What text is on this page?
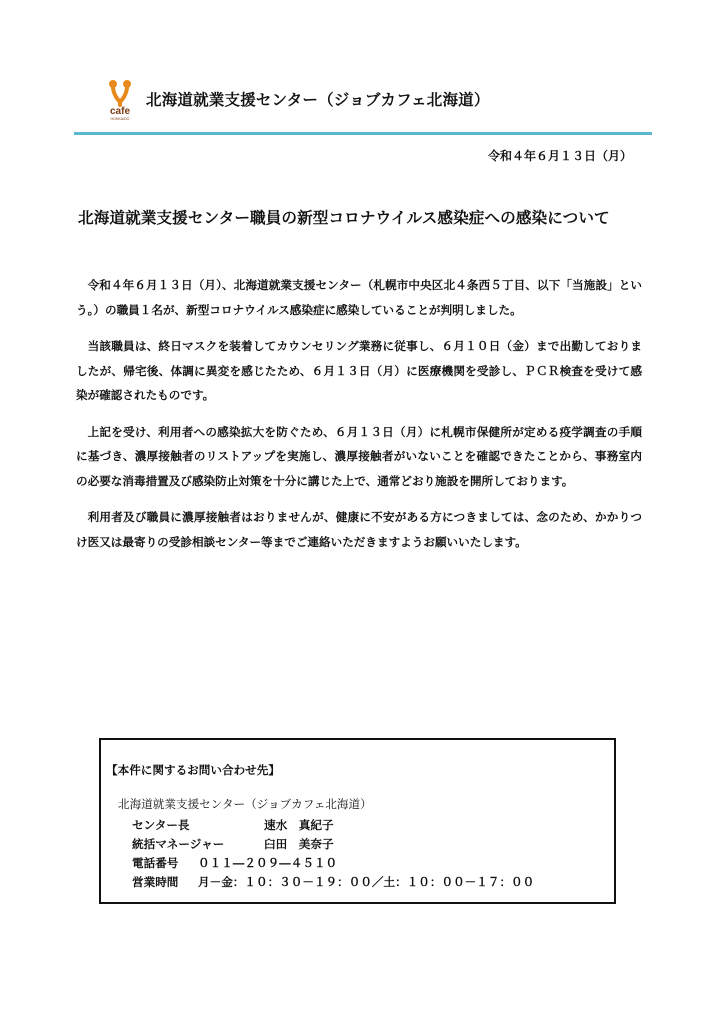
cafe
HOKKAIDO
北海道就業支援センター（ジョブカフェ北海道）
令和４年６月１３日（月）
北海道就業支援センター職員の新型コロナウイルス感染症への感染について

令和４年６月１３日（月）、北海道就業支援センター（札幌市中央区北４条西５丁目、以下「当施設」という。）の職員１名が、新型コロナウイルス感染症に感染していることが判明しました。

当該職員は、終日マスクを装着してカウンセリング業務に従事し、６月１０日（金）まで出勤しておりましたが、帰宅後、体調に異変を感じたため、６月１３日（月）に医療機関を受診し、ＰＣＲ検査を受けて感染が確認されたものです。

上記を受け、利用者への感染拡大を防ぐため、６月１３日（月）に札幌市保健所が定める疫学調査の手順に基づき、濃厚接触者のリストアップを実施し、濃厚接触者がいないことを確認できたことから、事務室内の必要な消毒措置及び感染防止対策を十分に講じた上で、通常どおり施設を開所しております。

利用者及び職員に濃厚接触者はおりませんが、健康に不安がある方につきましては、念のため、かかりつけ医又は最寄りの受診相談センター等までご連絡いただきますようお願いいたします。

【本件に関するお問い合わせ先】
北海道就業支援センター（ジョブカフェ北海道）
センター長	速水　真紀子
統括マネージャー	臼田　美奈子
電話番号 ０１１―２０９―４５１０
営業時間 月－金：１０：３０－１９：００／土：１０：００－１７：００
